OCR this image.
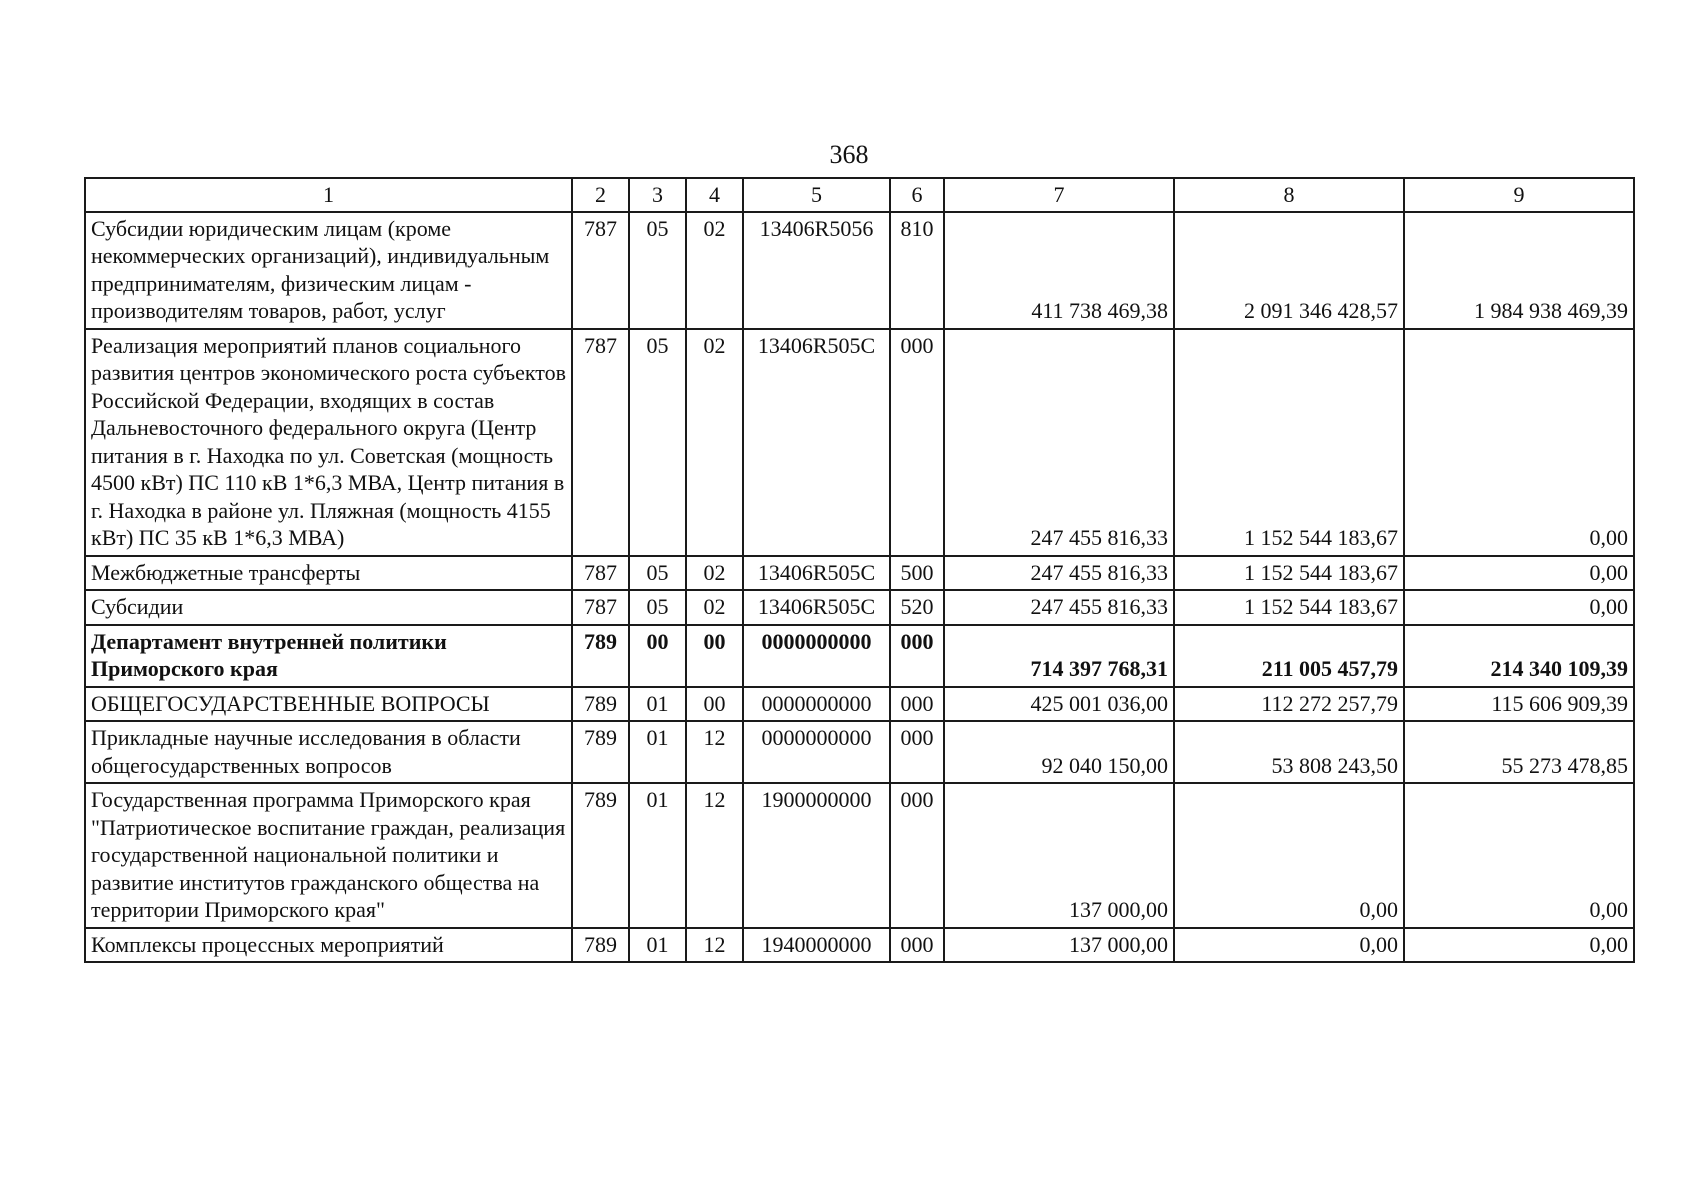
368
1	2	3	4	5	6	7	8	9
Субсидии юридическим лицам (кроме некоммерческих организаций), индивидуальным предпринимателям, физическим лицам - производителям товаров, работ, услуг	787	05	02	13406R5056	810	411 738 469,38	2 091 346 428,57	1 984 938 469,39
Реализация мероприятий планов социального развития центров экономического роста субъектов Российской Федерации, входящих в состав Дальневосточного федерального округа (Центр питания в г. Находка по ул. Советская (мощность 4500 кВт) ПС 110 кВ 1*6,3 МВА, Центр питания в г. Находка в районе ул. Пляжная (мощность 4155 кВт) ПС 35 кВ 1*6,3 МВА)	787	05	02	13406R505C	000	247 455 816,33	1 152 544 183,67	0,00
Межбюджетные трансферты	787	05	02	13406R505C	500	247 455 816,33	1 152 544 183,67	0,00
Субсидии	787	05	02	13406R505C	520	247 455 816,33	1 152 544 183,67	0,00
Департамент внутренней политики Приморского края	789	00	00	0000000000	000	714 397 768,31	211 005 457,79	214 340 109,39
ОБЩЕГОСУДАРСТВЕННЫЕ ВОПРОСЫ	789	01	00	0000000000	000	425 001 036,00	112 272 257,79	115 606 909,39
Прикладные научные исследования в области общегосударственных вопросов	789	01	12	0000000000	000	92 040 150,00	53 808 243,50	55 273 478,85
Государственная программа Приморского края "Патриотическое воспитание граждан, реализация государственной национальной политики и развитие институтов гражданского общества на территории Приморского края"	789	01	12	1900000000	000	137 000,00	0,00	0,00
Комплексы процессных мероприятий	789	01	12	1940000000	000	137 000,00	0,00	0,00
